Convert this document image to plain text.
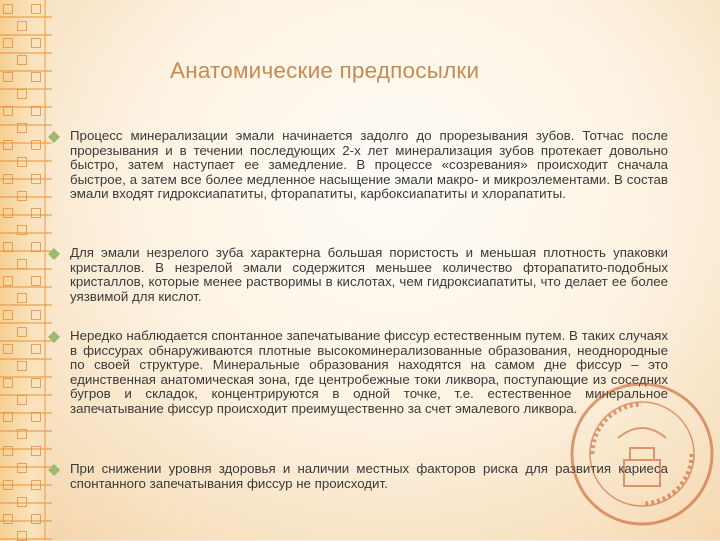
Анатомические предпосылки
Процесс минерализации эмали начинается задолго до прорезывания зубов. Тотчас после прорезывания и в течении последующих 2-х лет минерализация зубов протекает довольно быстро, затем наступает ее замедление. В процессе «созревания» происходит сначала быстрое, а затем все более медленное насыщение эмали макро- и микроэлементами. В состав эмали входят гидроксиапатиты, фторапатиты, карбоксиапатиты и хлорапатиты.
Для эмали незрелого зуба характерна большая пористость и меньшая плотность упаковки кристаллов. В незрелой эмали содержится меньшее количество фторапатито-подобных кристаллов, которые менее растворимы в кислотах, чем гидроксиапатиты, что делает ее более уязвимой для кислот.
Нередко наблюдается спонтанное запечатывание фиссур естественным путем. В таких случаях в фиссурах обнаруживаются плотные высокоминерализованные образования, неоднородные по своей структуре. Минеральные образования находятся на самом дне фиссур – это единственная анатомическая зона, где центробежные токи ликвора, поступающие из соседних бугров и складок, концентрируются в одной точке, т.е. естественное минеральное запечатывание фиссур происходит преимущественно за счет эмалевого ликвора.
При снижении уровня здоровья и наличии местных факторов риска для развития кариеса спонтанного запечатывания фиссур не происходит.
